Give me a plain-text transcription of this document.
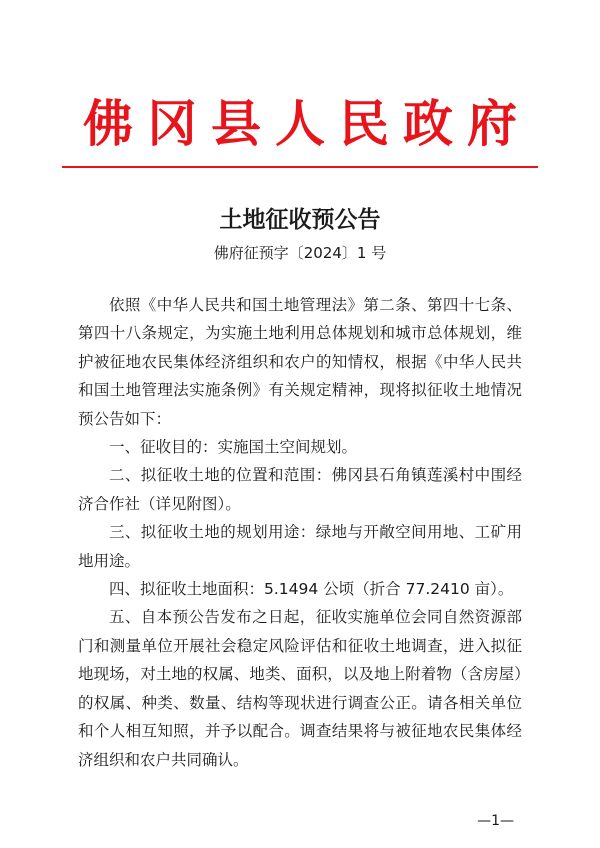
佛冈县人民政府
土地征收预公告
佛府征预字〔2024〕1 号

依照《中华人民共和国土地管理法》第二条、第四十七条、第四十八条规定，为实施土地利用总体规划和城市总体规划，维护被征地农民集体经济组织和农户的知情权，根据《中华人民共和国土地管理法实施条例》有关规定精神，现将拟征收土地情况预公告如下：

一、征收目的：实施国土空间规划。

二、拟征收土地的位置和范围：佛冈县石角镇莲溪村中围经济合作社（详见附图）。

三、拟征收土地的规划用途：绿地与开敞空间用地、工矿用地用途。

四、拟征收土地面积：5.1494 公顷（折合 77.2410 亩）。

五、自本预公告发布之日起，征收实施单位会同自然资源部门和测量单位开展社会稳定风险评估和征收土地调查，进入拟征地现场，对土地的权属、地类、面积，以及地上附着物（含房屋）的权属、种类、数量、结构等现状进行调查公正。请各相关单位和个人相互知照，并予以配合。调查结果将与被征地农民集体经济组织和农户共同确认。

—1—
